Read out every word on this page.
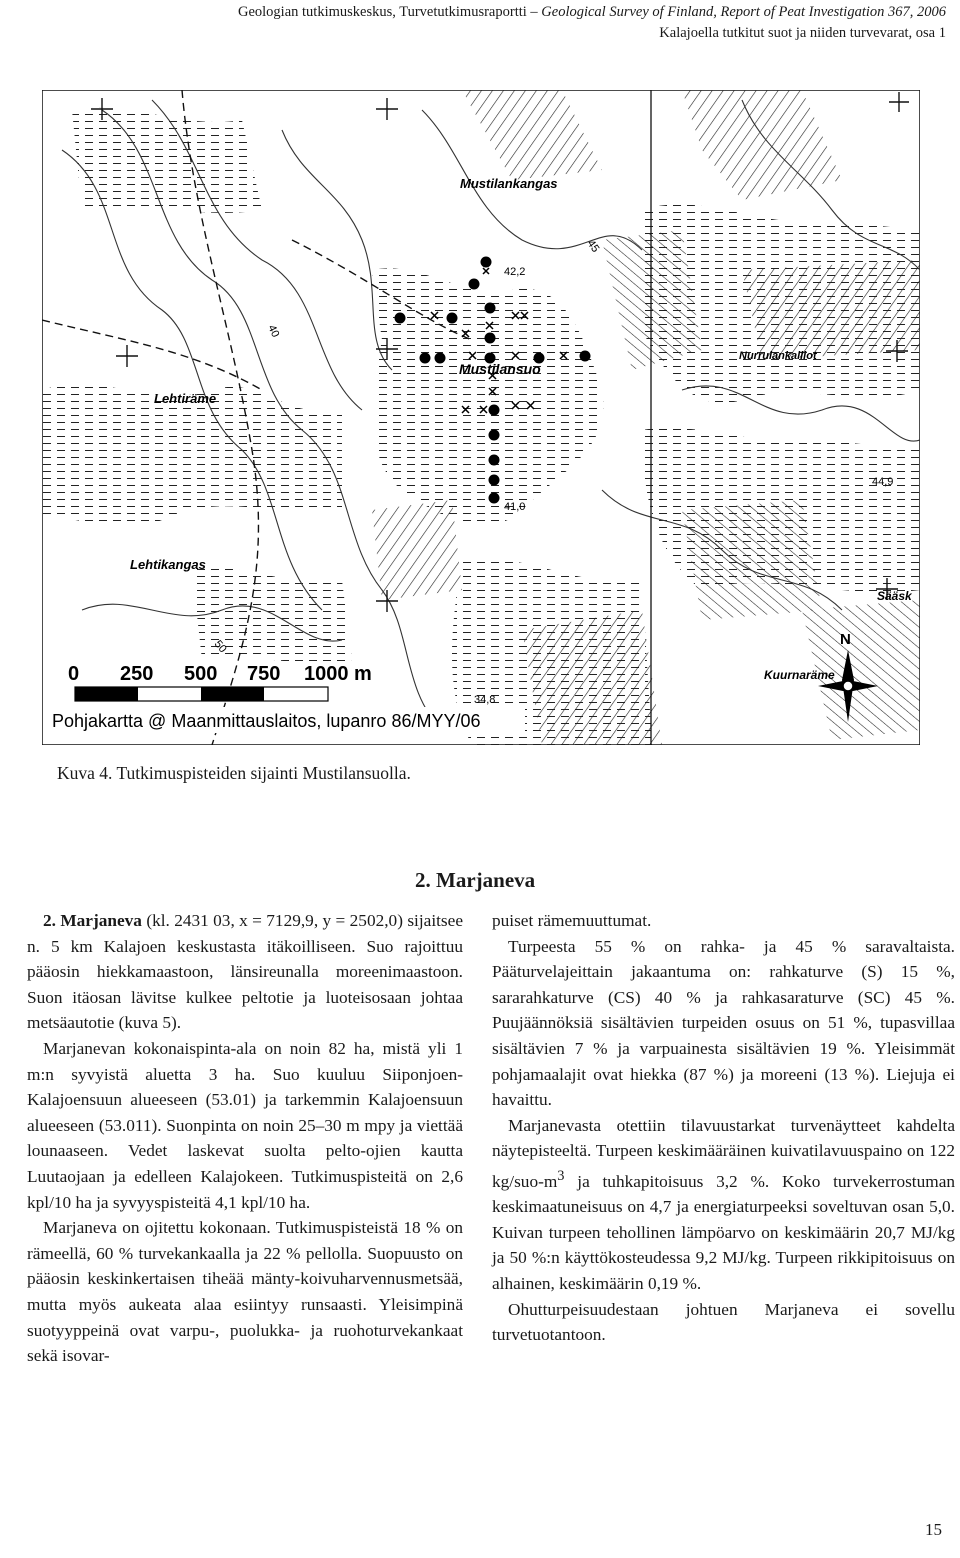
Geologian tutkimuskeskus, Turvetutkimusraportti – Geological Survey of Finland, Report of Peat Investigation 367, 2006
Kalajoella tutkitut suot ja niiden turvevarat, osa 1
Mustilankangas
Mustilansuo
Nurrulankalliot
Lehtiräme
Lehtikangas
Sääsk
Kuurnaräme
42,2
41,0
44,9
34,8
40
45
50
0 250 500 750 1000 m
Pohjakartta @ Maanmittauslaitos, lupanro 86/MYY/06
N
Kuva 4. Tutkimuspisteiden sijainti Mustilansuolla.
2. Marjaneva

2. Marjaneva (kl. 2431 03, x = 7129,9, y = 2502,0) sijaitsee n. 5 km Kalajoen keskustasta itäkoilliseen. Suo rajoittuu pääosin hiekkamaastoon, länsireunalla moreenimaastoon. Suon itäosan lävitse kulkee peltotie ja luoteisosaan johtaa metsäautotie (kuva 5).

Marjanevan kokonaispinta-ala on noin 82 ha, mistä yli 1 m:n syvyistä aluetta 3 ha. Suo kuuluu Siiponjoen-Kalajoensuun alueeseen (53.01) ja tarkemmin Kalajoensuun alueeseen (53.011). Suonpinta on noin 25–30 m mpy ja viettää lounaaseen. Vedet laskevat suolta pelto-ojien kautta Luutaojaan ja edelleen Kalajokeen. Tutkimuspisteitä on 2,6 kpl/10 ha ja syvyyspisteitä 4,1 kpl/10 ha.

Marjaneva on ojitettu kokonaan. Tutkimuspisteistä 18 % on rämeellä, 60 % turvekankaalla ja 22 % pellolla. Suopuusto on pääosin keskinkertaisen tiheää mänty-koivuharvennusmetsää, mutta myös aukeata alaa esiintyy runsaasti. Yleisimpinä suotyyppeinä ovat varpu-, puolukka- ja ruohoturvekankaat sekä isovar-

puiset rämemuuttumat.

Turpeesta 55 % on rahka- ja 45 % saravaltaista. Pääturvelajeittain jakaantuma on: rahkaturve (S) 15 %, sararahkaturve (CS) 40 % ja rahkasaraturve (SC) 45 %. Puujäännöksiä sisältävien turpeiden osuus on 51 %, tupasvillaa sisältävien 7 % ja varpuainesta sisältävien 19 %. Yleisimmät pohjamaalajit ovat hiekka (87 %) ja moreeni (13 %). Liejuja ei havaittu.

Marjanevasta otettiin tilavuustarkat turvenäytteet kahdelta näytepisteeltä. Turpeen keskimääräinen kuivatilavuuspaino on 122 $kg/suo-m^3$ ja tuhkapitoisuus 3,2 %. Koko turvekerrostuman keskimaatuneisuus on 4,7 ja energiaturpeeksi soveltuvan osan 5,0. Kuivan turpeen tehollinen lämpöarvo on keskimäärin 20,7 MJ/kg ja 50 %:n käyttökosteudessa 9,2 MJ/kg. Turpeen rikkipitoisuus on alhainen, keskimäärin 0,19 %.

Ohutturpeisuudestaan johtuen Marjaneva ei sovellu turvetuotantoon.

15
